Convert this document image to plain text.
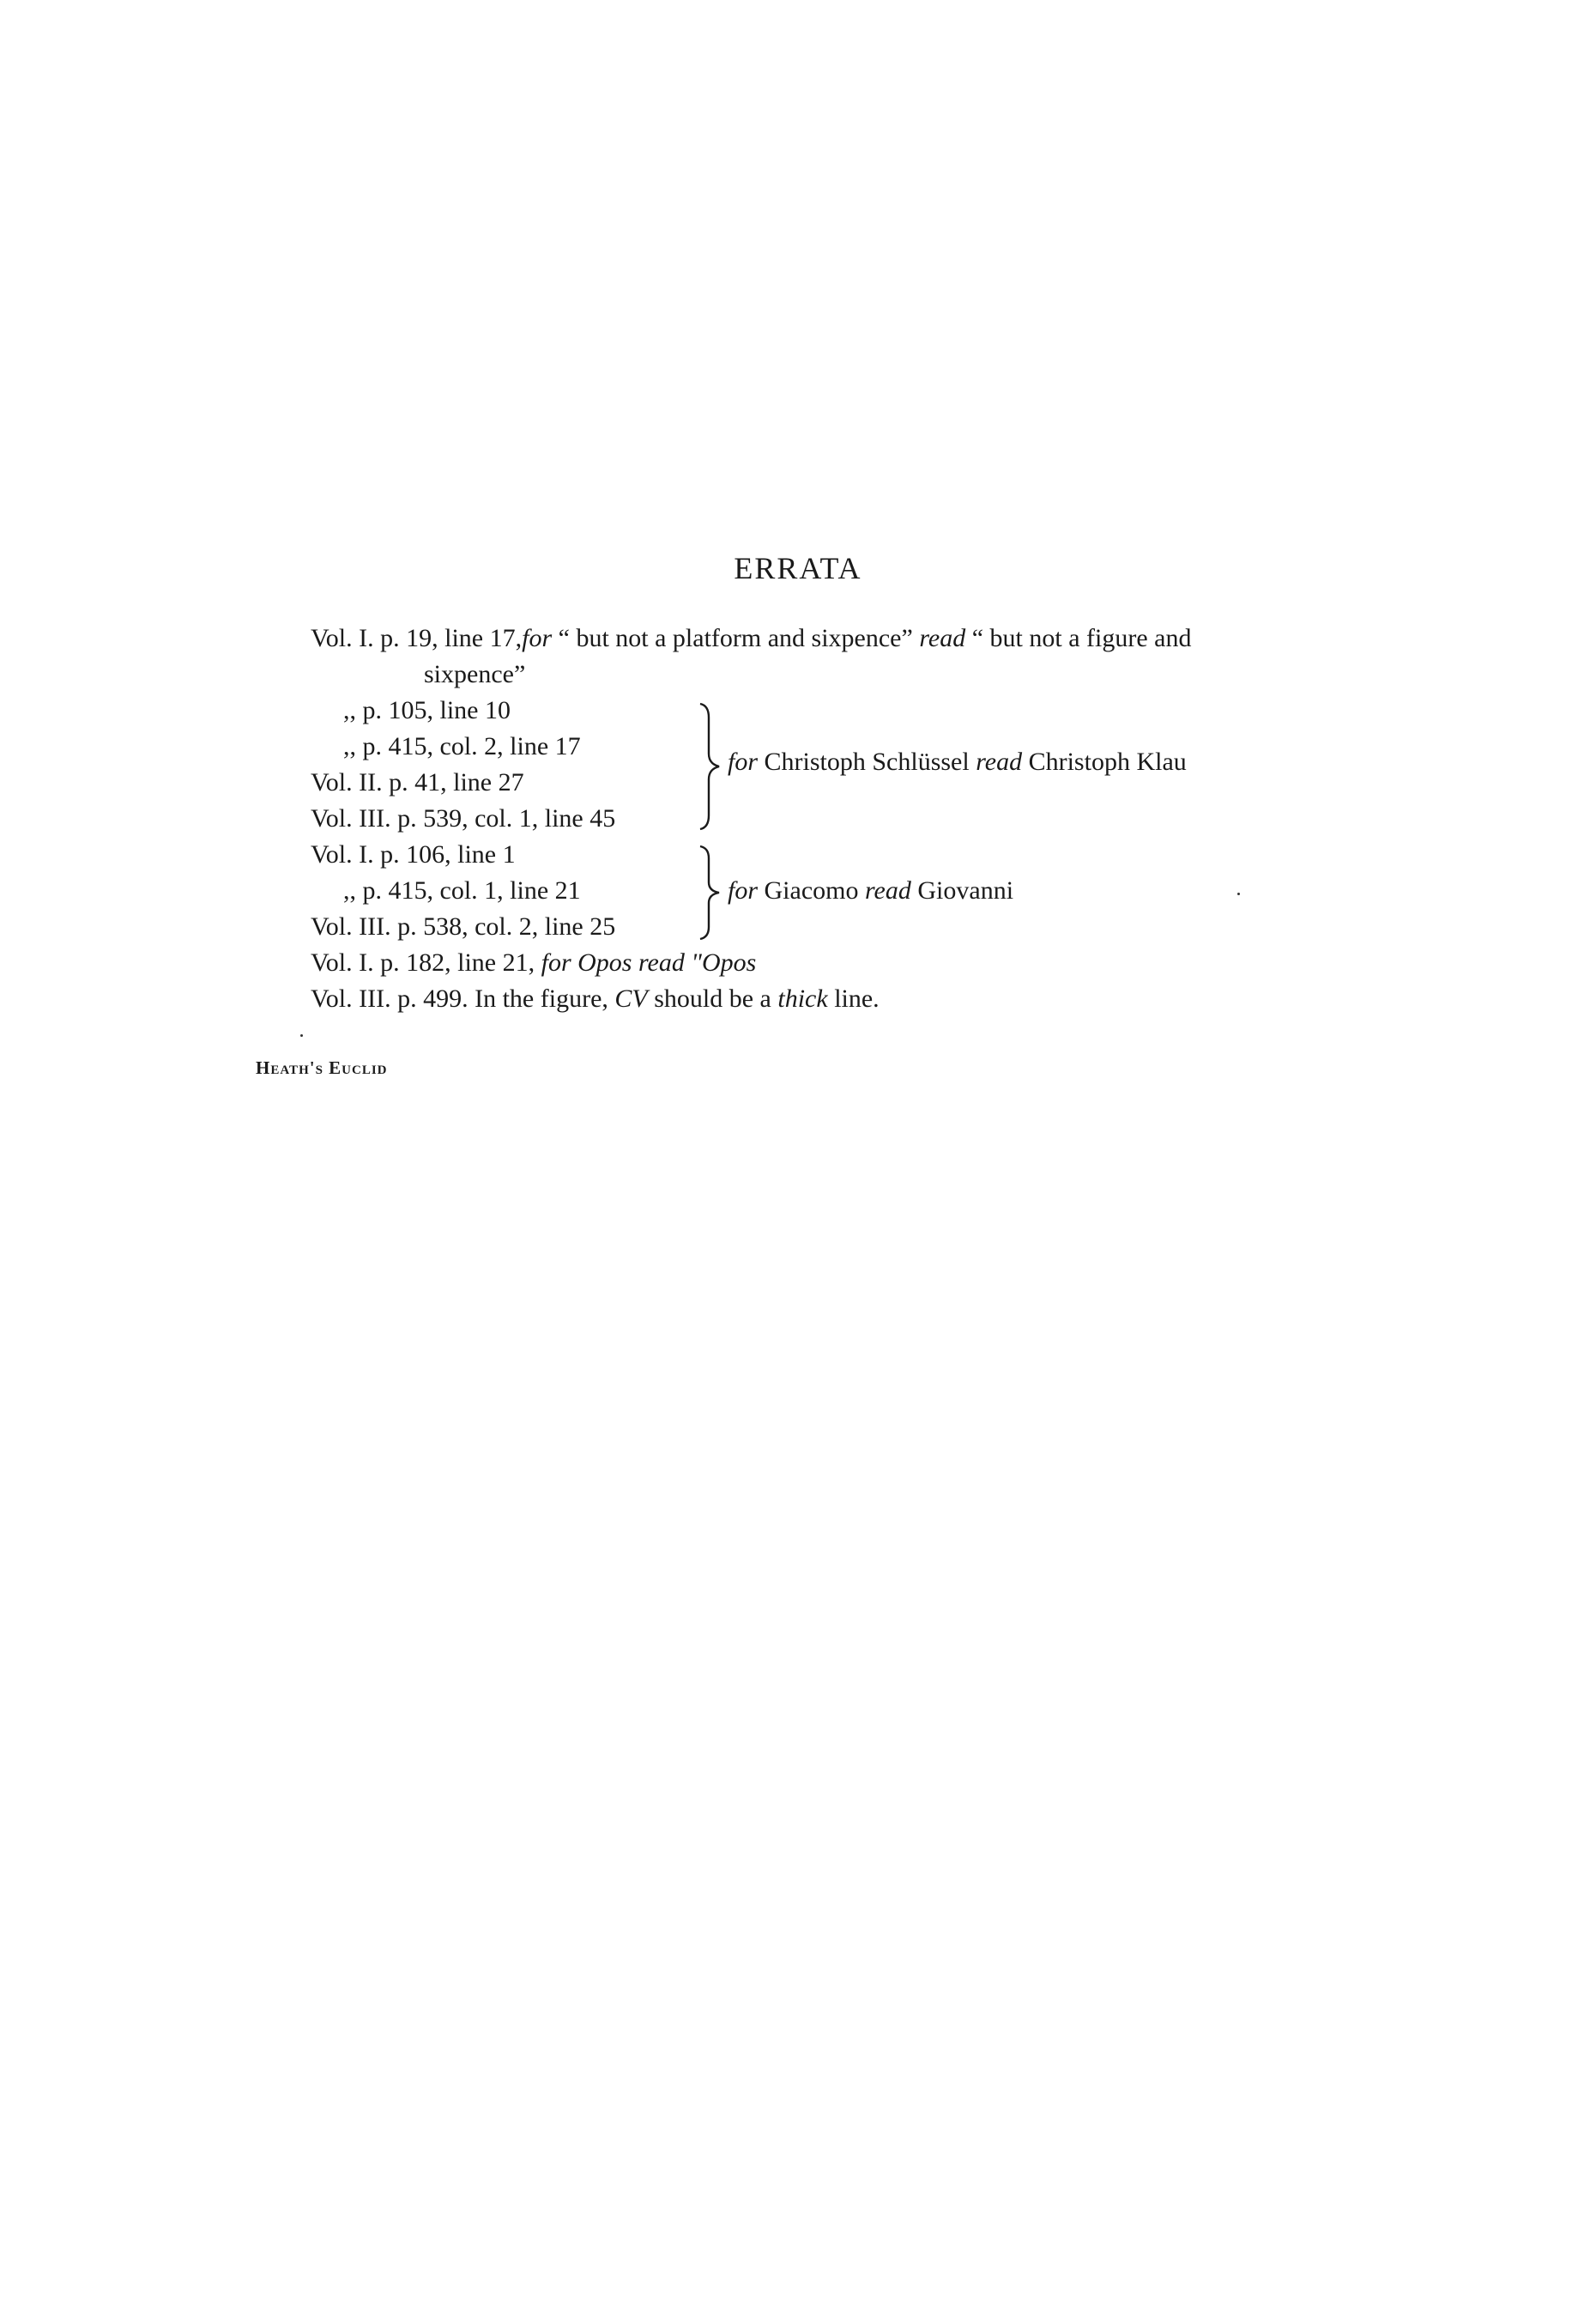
ERRATA
Vol. I. p. 19, line 17,for “ but not a platform and sixpence” read “ but not a figure and
sixpence”
,, p. 105, line 10
,, p. 415, col. 2, line 17
Vol. II. p. 41, line 27
Vol. III. p. 539, col. 1, line 45
for Christoph Schlüssel read Christoph Klau
Vol. I. p. 106, line 1
,, p. 415, col. 1, line 21
Vol. III. p. 538, col. 2, line 25
for Giacomo read Giovanni
Vol. I. p. 182, line 21, for Opos read "Opos
Vol. III. p. 499. In the figure, CV should be a thick line.
Heath's Euclid
